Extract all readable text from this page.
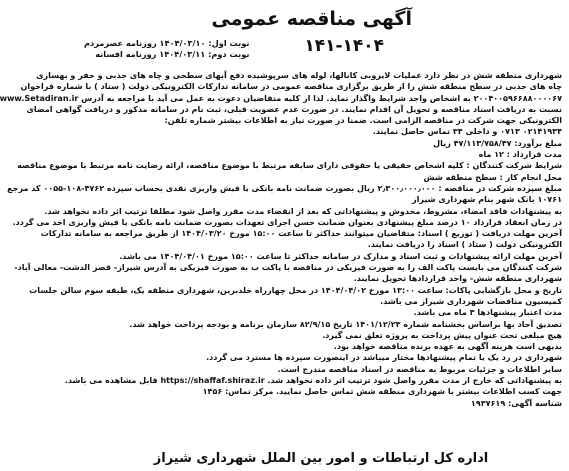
آگهی مناقصه عمومی
۱۴۱-۱۴۰۴
نوبت اول: ۱۴۰۴/۰۳/۱۰ روزنامه عصرمردم
نوبت دوم: ۱۴۰۴/۰۳/۱۱ روزنامه افسانه
شهرداری منطقه شش در نظر دارد عملیات لایروبی کانالها، لوله های سرپوشیده دفع آبهای سطحی و چاه های جذبی و حفر و بهسازی
چاه های جذبی در سطح منطقه شش را از طریق برگزاری مناقصه عمومی در سامانه تدارکات الکترونیکی دولت ( ستاد ) با شماره فراخوان
۲۰۰۴۰۰۵۹۶۶۸۸۰۰۰۰۶۷ به اشخاص واجد شرایط واگذار نماید. لذا از کلیه متقاضیان دعوت به عمل می آید با مراجعه به آدرس www.Setadiran.ir
نسبت به دریافت اسناد مناقصه و تحویل آن اقدام نمایند. در صورت عدم عضویت قبلی، ثبت نام در سامانه مذکور و دریافت گواهی امضای
الکترونیکی جهت شرکت در مناقصه الزامی است. ضمنا در صورت نیاز به اطلاعات بیشتر شماره تلفن:
۰۲۱۴۱۹۳۴ ۰۷۱۳ و داخلی ۳۴ تماس حاصل نمایند.
مبلغ برآورد: ۴۷/۱۱۳/۷۵۸/۴۷ ریال
مدت قرارداد : ۱۲ ماه
شرایط شرکت کنندگان : کلیه اشخاص حقیقی یا حقوقی دارای سابقه مرتبط با موضوع مناقصه، ارائه رضایت نامه مرتبط با موضوع مناقصه
محل انجام کار : سطح منطقه شش
مبلغ سپرده شرکت در مناقصه : ۲٫۳۰۰٫۰۰۰٫۰۰۰ ریال بصورت ضمانت نامه بانکی یا فیش واریزی نقدی بحساب سپرده ۴۷۶۲-۱۰۸-۰۰۵۵ کد مرجع
۱۰۷۶۱ بانک شهر بنام شهرداری شیراز
به پیشنهادات فاقد امضاء، مشروط، مخدوش و پیشنهاداتی که بعد از انقضاء مدت مقرر واصل شود مطلقا ترتیب اثر داده نخواهد شد.
در زمان انعقاد قرارداد ۱۰ درصد مبلغ پیشنهادی بعنوان ضمانت حسن اجرای تعهدات بصورت ضمانت نامه بانکی یا فیش واریزی اخذ می گردد.
آخرین مهلت دریافت ( توزیع ) اسناد: متقاضیان میتوانند حداکثر تا ساعت ۱۵:۰۰ مورخ ۱۴۰۴/۰۳/۲۰ از طریق مراجعه به سامانه تدارکات
الکترونیکی دولت ( ستاد ) اسناد را دریافت نمایند.
آخرین مهلت ارائه پیشنهادات و ثبت اسناد و مدارک در سامانه حداکثر تا ساعت ۱۵:۰۰ مورخ ۱۴۰۴/۰۴/۰۱ می باشد.
شرکت کنندگان می بایست پاکت الف را به صورت فیزیکی در مناقصه با پاکت ب به صورت فیزیکی به آدرس شیراز- قصر الدشت- معالی آباد-
شهرداری منطقه شش- واحد قراردادها تحویل نمایند.
تاریخ و محل بازگشایی پاکات: ساعت ۱۳:۰۰ مورخ ۱۴۰۴/۰۴/۰۲ در محل چهارراه خلدبرین، شهرداری منطقه یک، طبقه سوم سالن جلسات
کمیسیون مناقصات شهرداری شیراز می باشد.
مدت اعتبار پیشنهادها ۳ ماه می باشد.
تصدیق آحاد بها براساس بخشنامه شماره ۱۴۰۱/۱۲/۲۳ تاریخ ۸۲/۹/۱۵ سازمان برنامه و بودجه پرداخت خواهد شد.
هیچ مبلغی تحت عنوان پیش پرداخت به پروژه تعلق نمی گیرد.
بدیهی است هزینه آگهی به عهده برنده مناقصه خواهد بود.
شهرداری در رد یک یا تمام پیشنهادها مختار میباشد در اینصورت سپرده ها مسترد می گردد.
سایر اطلاعات و جزئیات مربوط به مناقصه در اسناد مناقصه مندرج است.
به پیشنهاداتی که خارج از مدت مقرر واصل شود ترتیب اثر داده نخواهد شد. https://shaffaf.shiraz.ir قابل مشاهده می باشد.
جهت کسب اطلاعات بیشتر با شهرداری منطقه شش تماس حاصل نمایید. مرکز تماس: ۱۴۵۶
شناسه آگهی: ۱۹۳۷۶۱۹
اداره کل ارتباطات و امور بین الملل شهرداری شیراز
